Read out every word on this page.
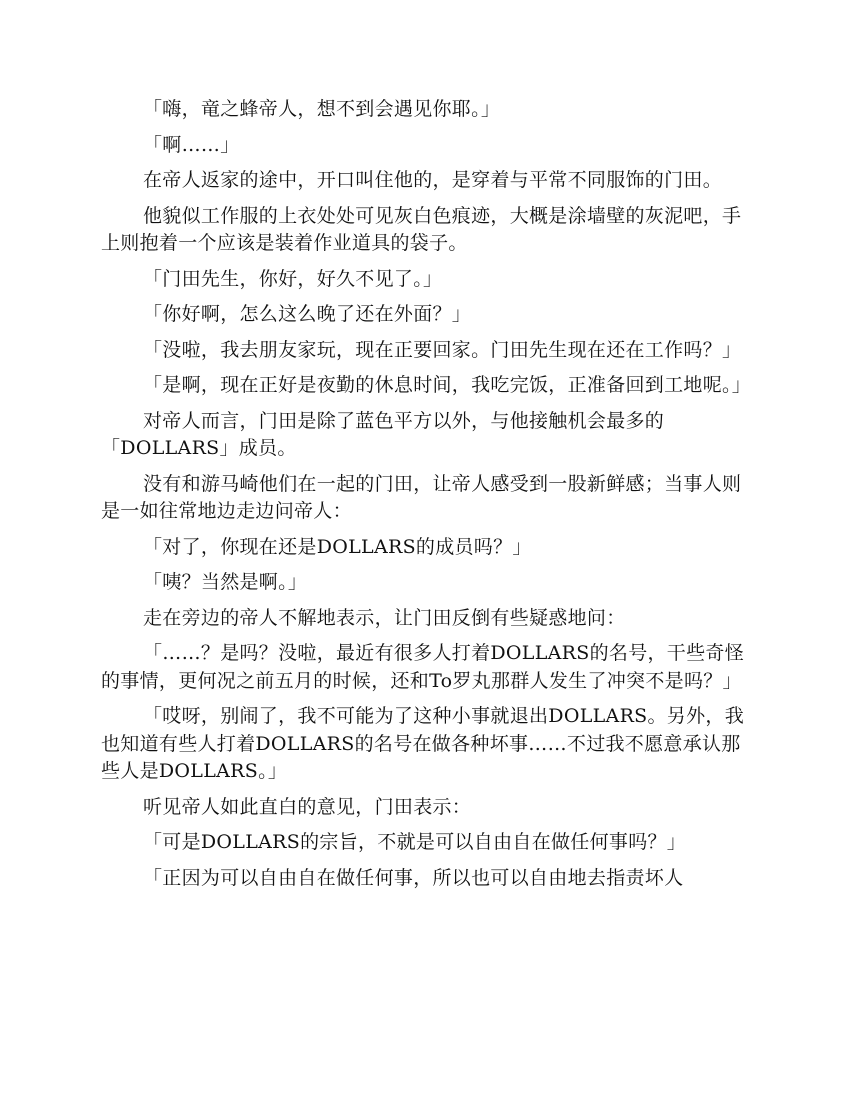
「嗨，竜之蜂帝人，想不到会遇见你耶。」

「啊……」

在帝人返家的途中，开口叫住他的，是穿着与平常不同服饰的门田。

他貌似工作服的上衣处处可见灰白色痕迹，大概是涂墙壁的灰泥吧，手上则抱着一个应该是装着作业道具的袋子。

「门田先生，你好，好久不见了。」

「你好啊，怎么这么晚了还在外面？」

「没啦，我去朋友家玩，现在正要回家。门田先生现在还在工作吗？」

「是啊，现在正好是夜勤的休息时间，我吃完饭，正准备回到工地呢。」

对帝人而言，门田是除了蓝色平方以外，与他接触机会最多的「DOLLARS」成员。

没有和游马崎他们在一起的门田，让帝人感受到一股新鲜感；当事人则是一如往常地边走边问帝人：

「对了，你现在还是DOLLARS的成员吗？」

「咦？当然是啊。」

走在旁边的帝人不解地表示，让门田反倒有些疑惑地问：

「……？是吗？没啦，最近有很多人打着DOLLARS的名号，干些奇怪的事情，更何况之前五月的时候，还和To罗丸那群人发生了冲突不是吗？」

「哎呀，别闹了，我不可能为了这种小事就退出DOLLARS。另外，我也知道有些人打着DOLLARS的名号在做各种坏事……不过我不愿意承认那些人是DOLLARS。」

听见帝人如此直白的意见，门田表示：

「可是DOLLARS的宗旨，不就是可以自由自在做任何事吗？」

「正因为可以自由自在做任何事，所以也可以自由地去指责坏人
